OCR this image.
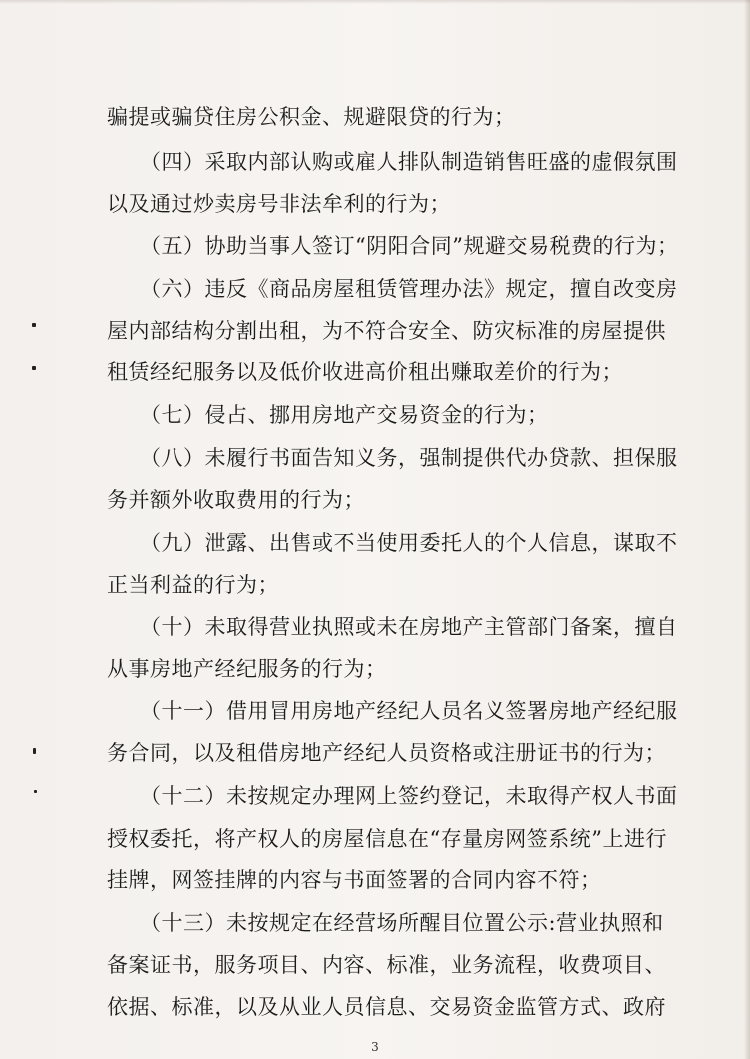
骗提或骗贷住房公积金、规避限贷的行为；
（四）采取内部认购或雇人排队制造销售旺盛的虚假氛围
以及通过炒卖房号非法牟利的行为；
（五）协助当事人签订“阴阳合同”规避交易税费的行为；
（六）违反《商品房屋租赁管理办法》规定，擅自改变房
屋内部结构分割出租，为不符合安全、防灾标准的房屋提供
租赁经纪服务以及低价收进高价租出赚取差价的行为；
（七）侵占、挪用房地产交易资金的行为；
（八）未履行书面告知义务，强制提供代办贷款、担保服
务并额外收取费用的行为；
（九）泄露、出售或不当使用委托人的个人信息，谋取不
正当利益的行为；
（十）未取得营业执照或未在房地产主管部门备案，擅自
从事房地产经纪服务的行为；
（十一）借用冒用房地产经纪人员名义签署房地产经纪服
务合同，以及租借房地产经纪人员资格或注册证书的行为；
（十二）未按规定办理网上签约登记，未取得产权人书面
授权委托，将产权人的房屋信息在“存量房网签系统”上进行
挂牌，网签挂牌的内容与书面签署的合同内容不符；
（十三）未按规定在经营场所醒目位置公示:营业执照和
备案证书，服务项目、内容、标准，业务流程，收费项目、
依据、标准，以及从业人员信息、交易资金监管方式、政府
3
